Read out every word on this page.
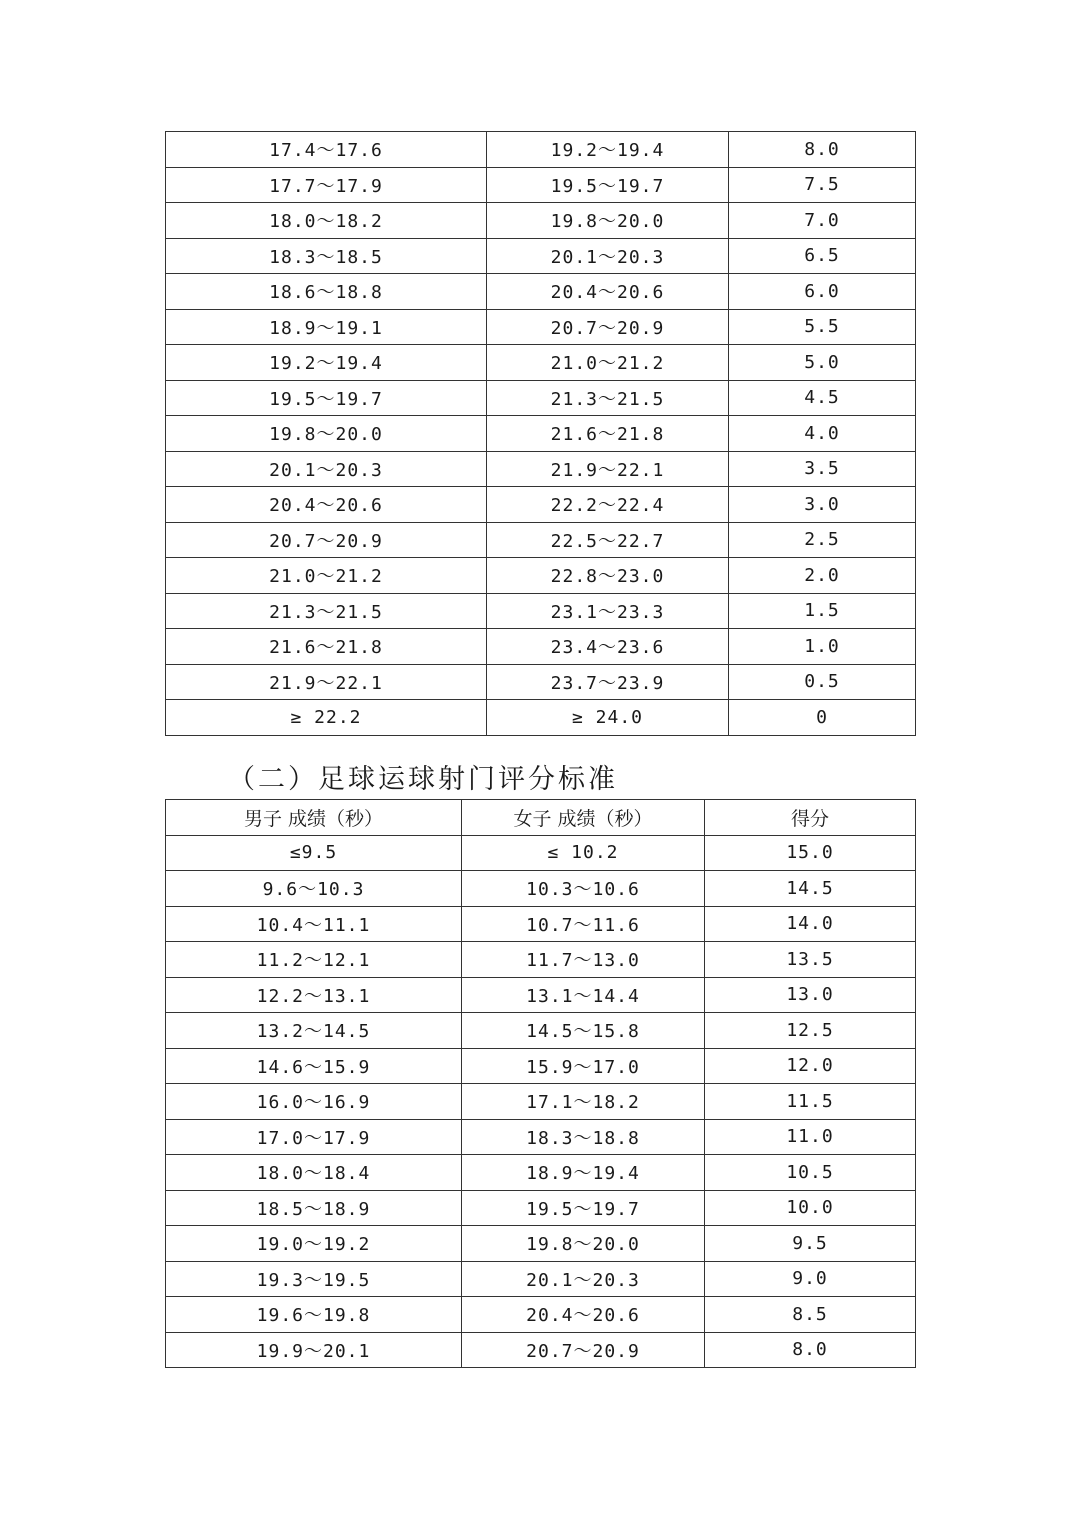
17.4～17.6	19.2～19.4	8.0
17.7～17.9	19.5～19.7	7.5
18.0～18.2	19.8～20.0	7.0
18.3～18.5	20.1～20.3	6.5
18.6～18.8	20.4～20.6	6.0
18.9～19.1	20.7～20.9	5.5
19.2～19.4	21.0～21.2	5.0
19.5～19.7	21.3～21.5	4.5
19.8～20.0	21.6～21.8	4.0
20.1～20.3	21.9～22.1	3.5
20.4～20.6	22.2～22.4	3.0
20.7～20.9	22.5～22.7	2.5
21.0～21.2	22.8～23.0	2.0
21.3～21.5	23.1～23.3	1.5
21.6～21.8	23.4～23.6	1.0
21.9～22.1	23.7～23.9	0.5
≥ 22.2	≥ 24.0	0
（二）足球运球射门评分标准
男子 成绩（秒）	女子 成绩（秒）	得分
≤9.5	≤ 10.2	15.0
9.6～10.3	10.3～10.6	14.5
10.4～11.1	10.7～11.6	14.0
11.2～12.1	11.7～13.0	13.5
12.2～13.1	13.1～14.4	13.0
13.2～14.5	14.5～15.8	12.5
14.6～15.9	15.9～17.0	12.0
16.0～16.9	17.1～18.2	11.5
17.0～17.9	18.3～18.8	11.0
18.0～18.4	18.9～19.4	10.5
18.5～18.9	19.5～19.7	10.0
19.0～19.2	19.8～20.0	9.5
19.3～19.5	20.1～20.3	9.0
19.6～19.8	20.4～20.6	8.5
19.9～20.1	20.7～20.9	8.0
